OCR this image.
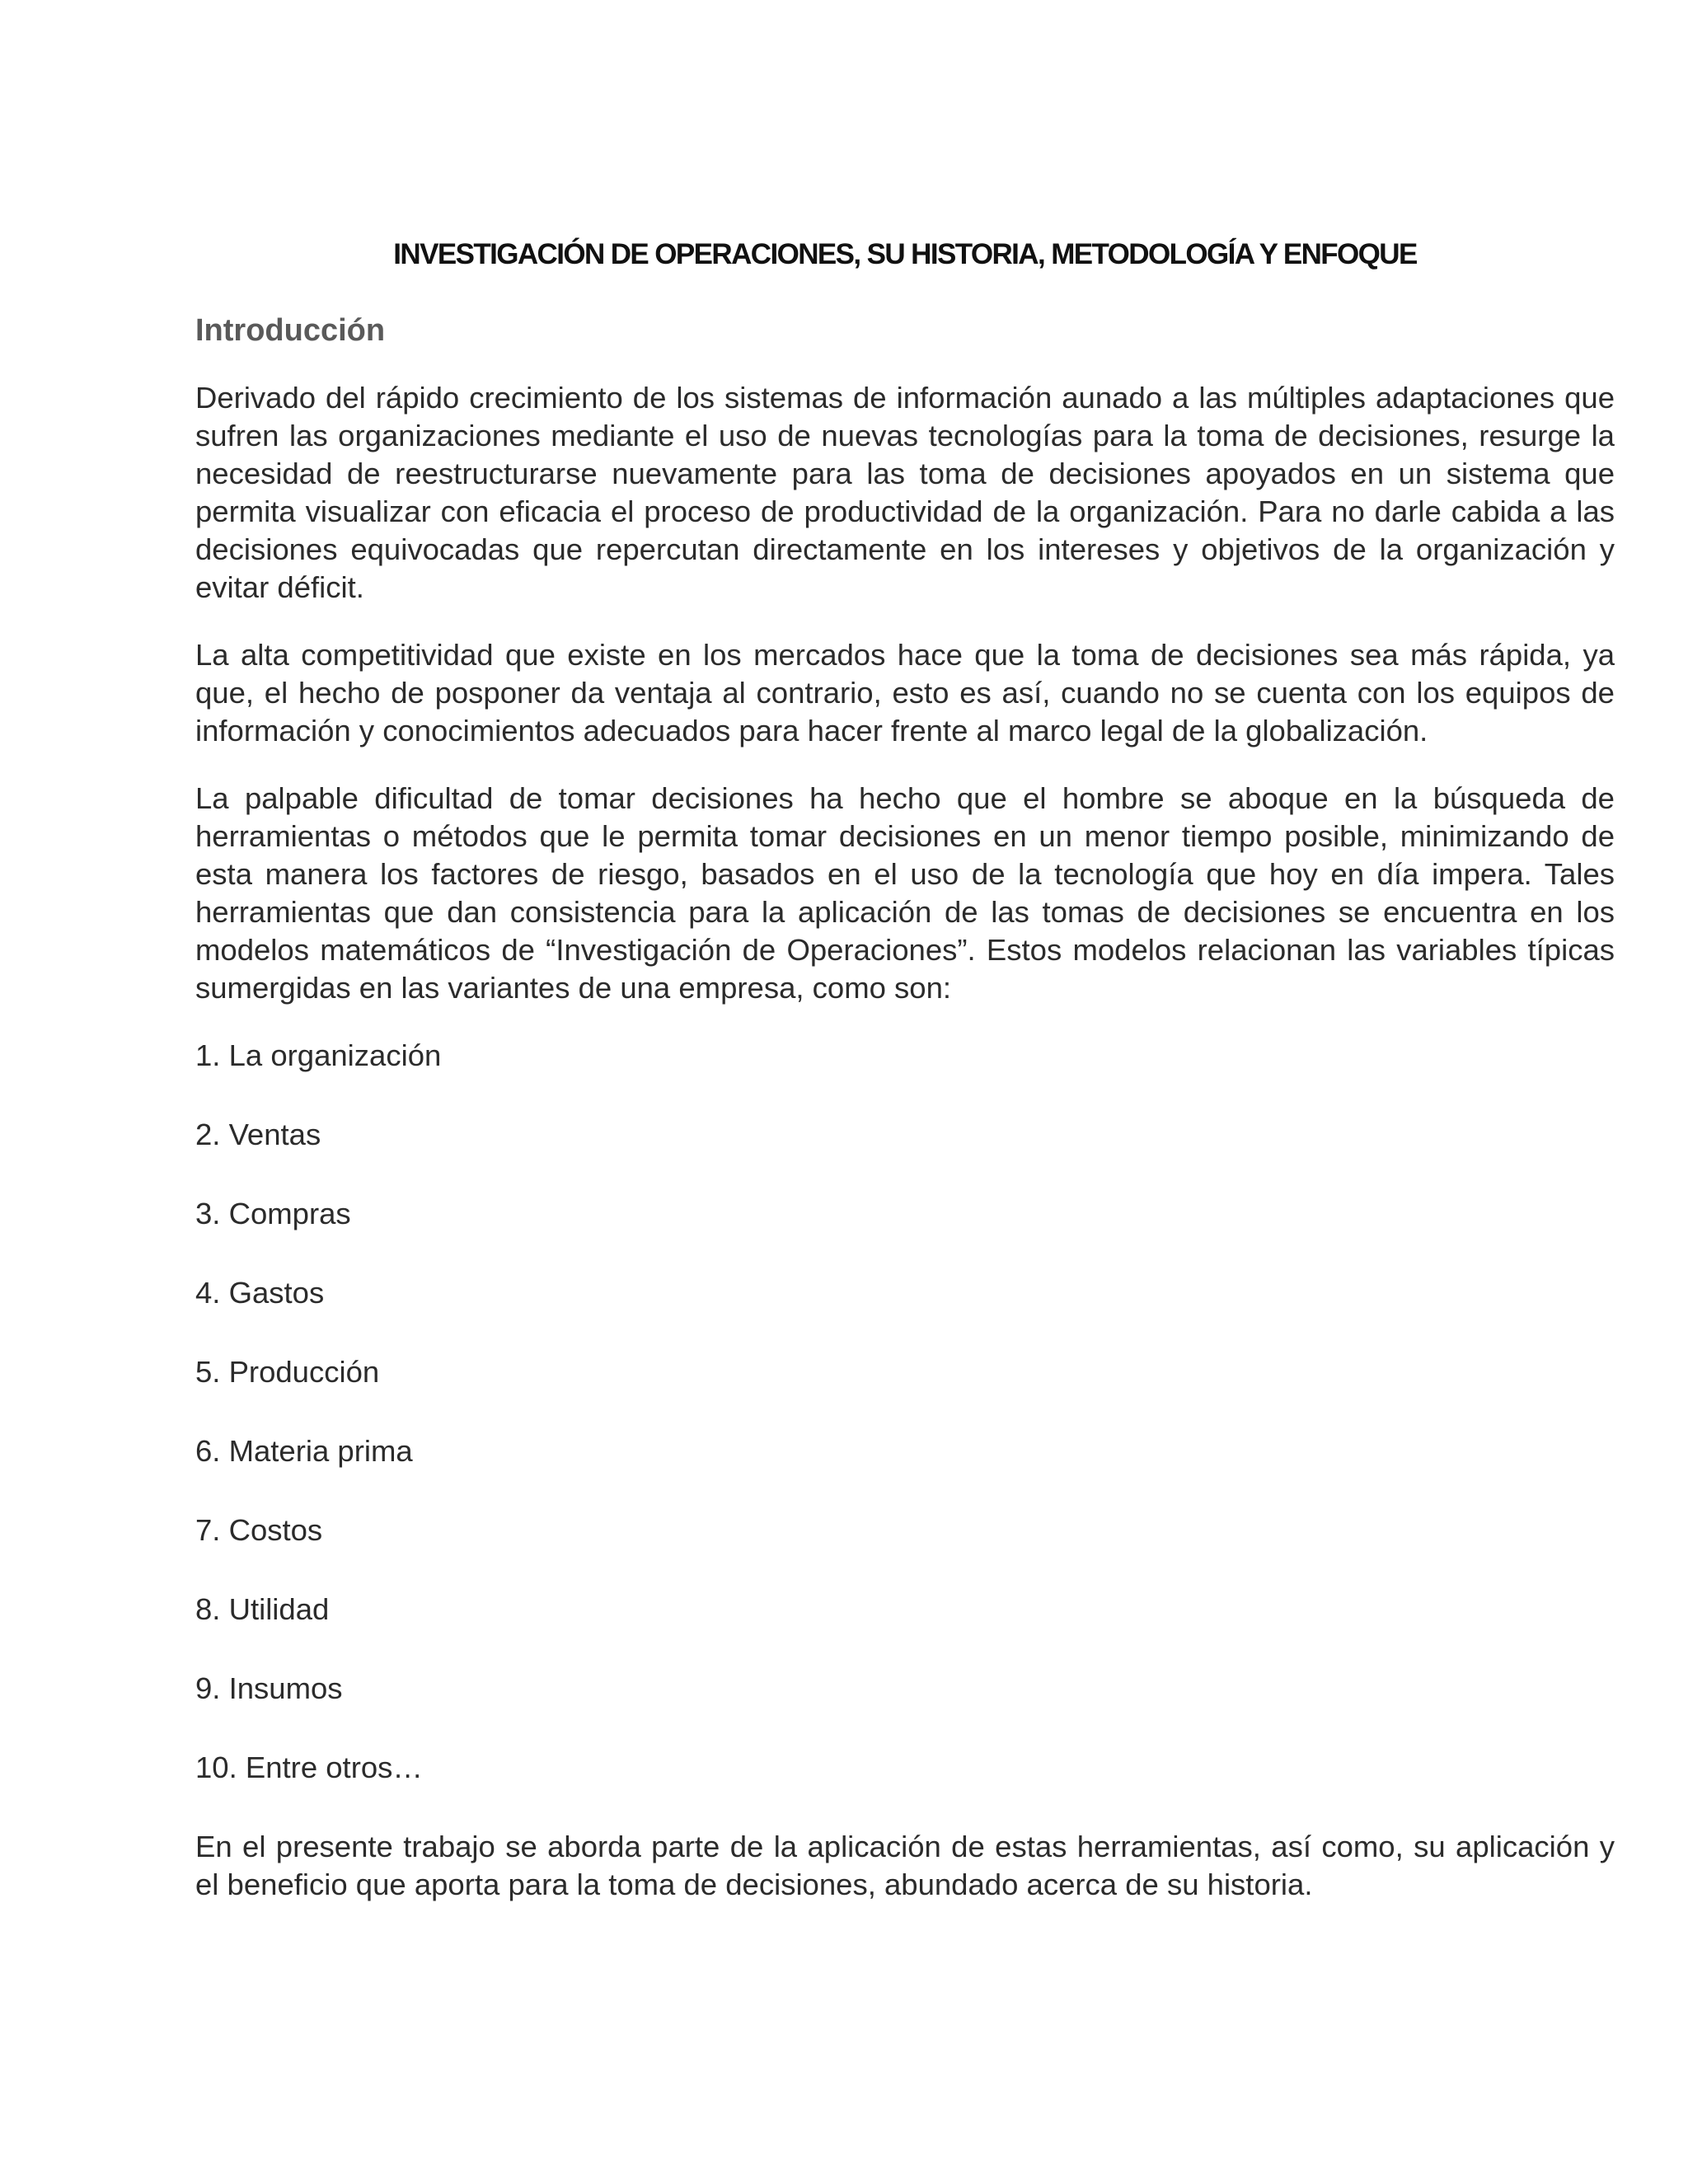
INVESTIGACIÓN DE OPERACIONES, SU HISTORIA, METODOLOGÍA Y ENFOQUE
Introducción

Derivado del rápido crecimiento de los sistemas de información aunado a las múltiples adaptaciones que sufren las organizaciones mediante el uso de nuevas tecnologías para la toma de decisiones, resurge la necesidad de reestructurarse nuevamente para las toma de decisiones apoyados en un sistema que permita visualizar con eficacia el proceso de productividad de la organización. Para no darle cabida a las decisiones equivocadas que repercutan directamente en los intereses y objetivos de la organización y evitar déficit.

La alta competitividad que existe en los mercados hace que la toma de decisiones sea más rápida, ya que, el hecho de posponer da ventaja al contrario, esto es así, cuando no se cuenta con los equipos de información y conocimientos adecuados para hacer frente al marco legal de la globalización.

La palpable dificultad de tomar decisiones ha hecho que el hombre se aboque en la búsqueda de herramientas o métodos que le permita tomar decisiones en un menor tiempo posible, minimizando de esta manera los factores de riesgo, basados en el uso de la tecnología que hoy en día impera. Tales herramientas que dan consistencia para la aplicación de las tomas de decisiones se encuentra en los modelos matemáticos de “Investigación de Operaciones”. Estos modelos relacionan las variables típicas sumergidas en las variantes de una empresa, como son:

1. La organización
2. Ventas
3. Compras
4. Gastos
5. Producción
6. Materia prima
7. Costos
8. Utilidad
9. Insumos
10. Entre otros…

En el presente trabajo se aborda parte de la aplicación de estas herramientas, así como, su aplicación y el beneficio que aporta para la toma de decisiones, abundado acerca de su historia.
